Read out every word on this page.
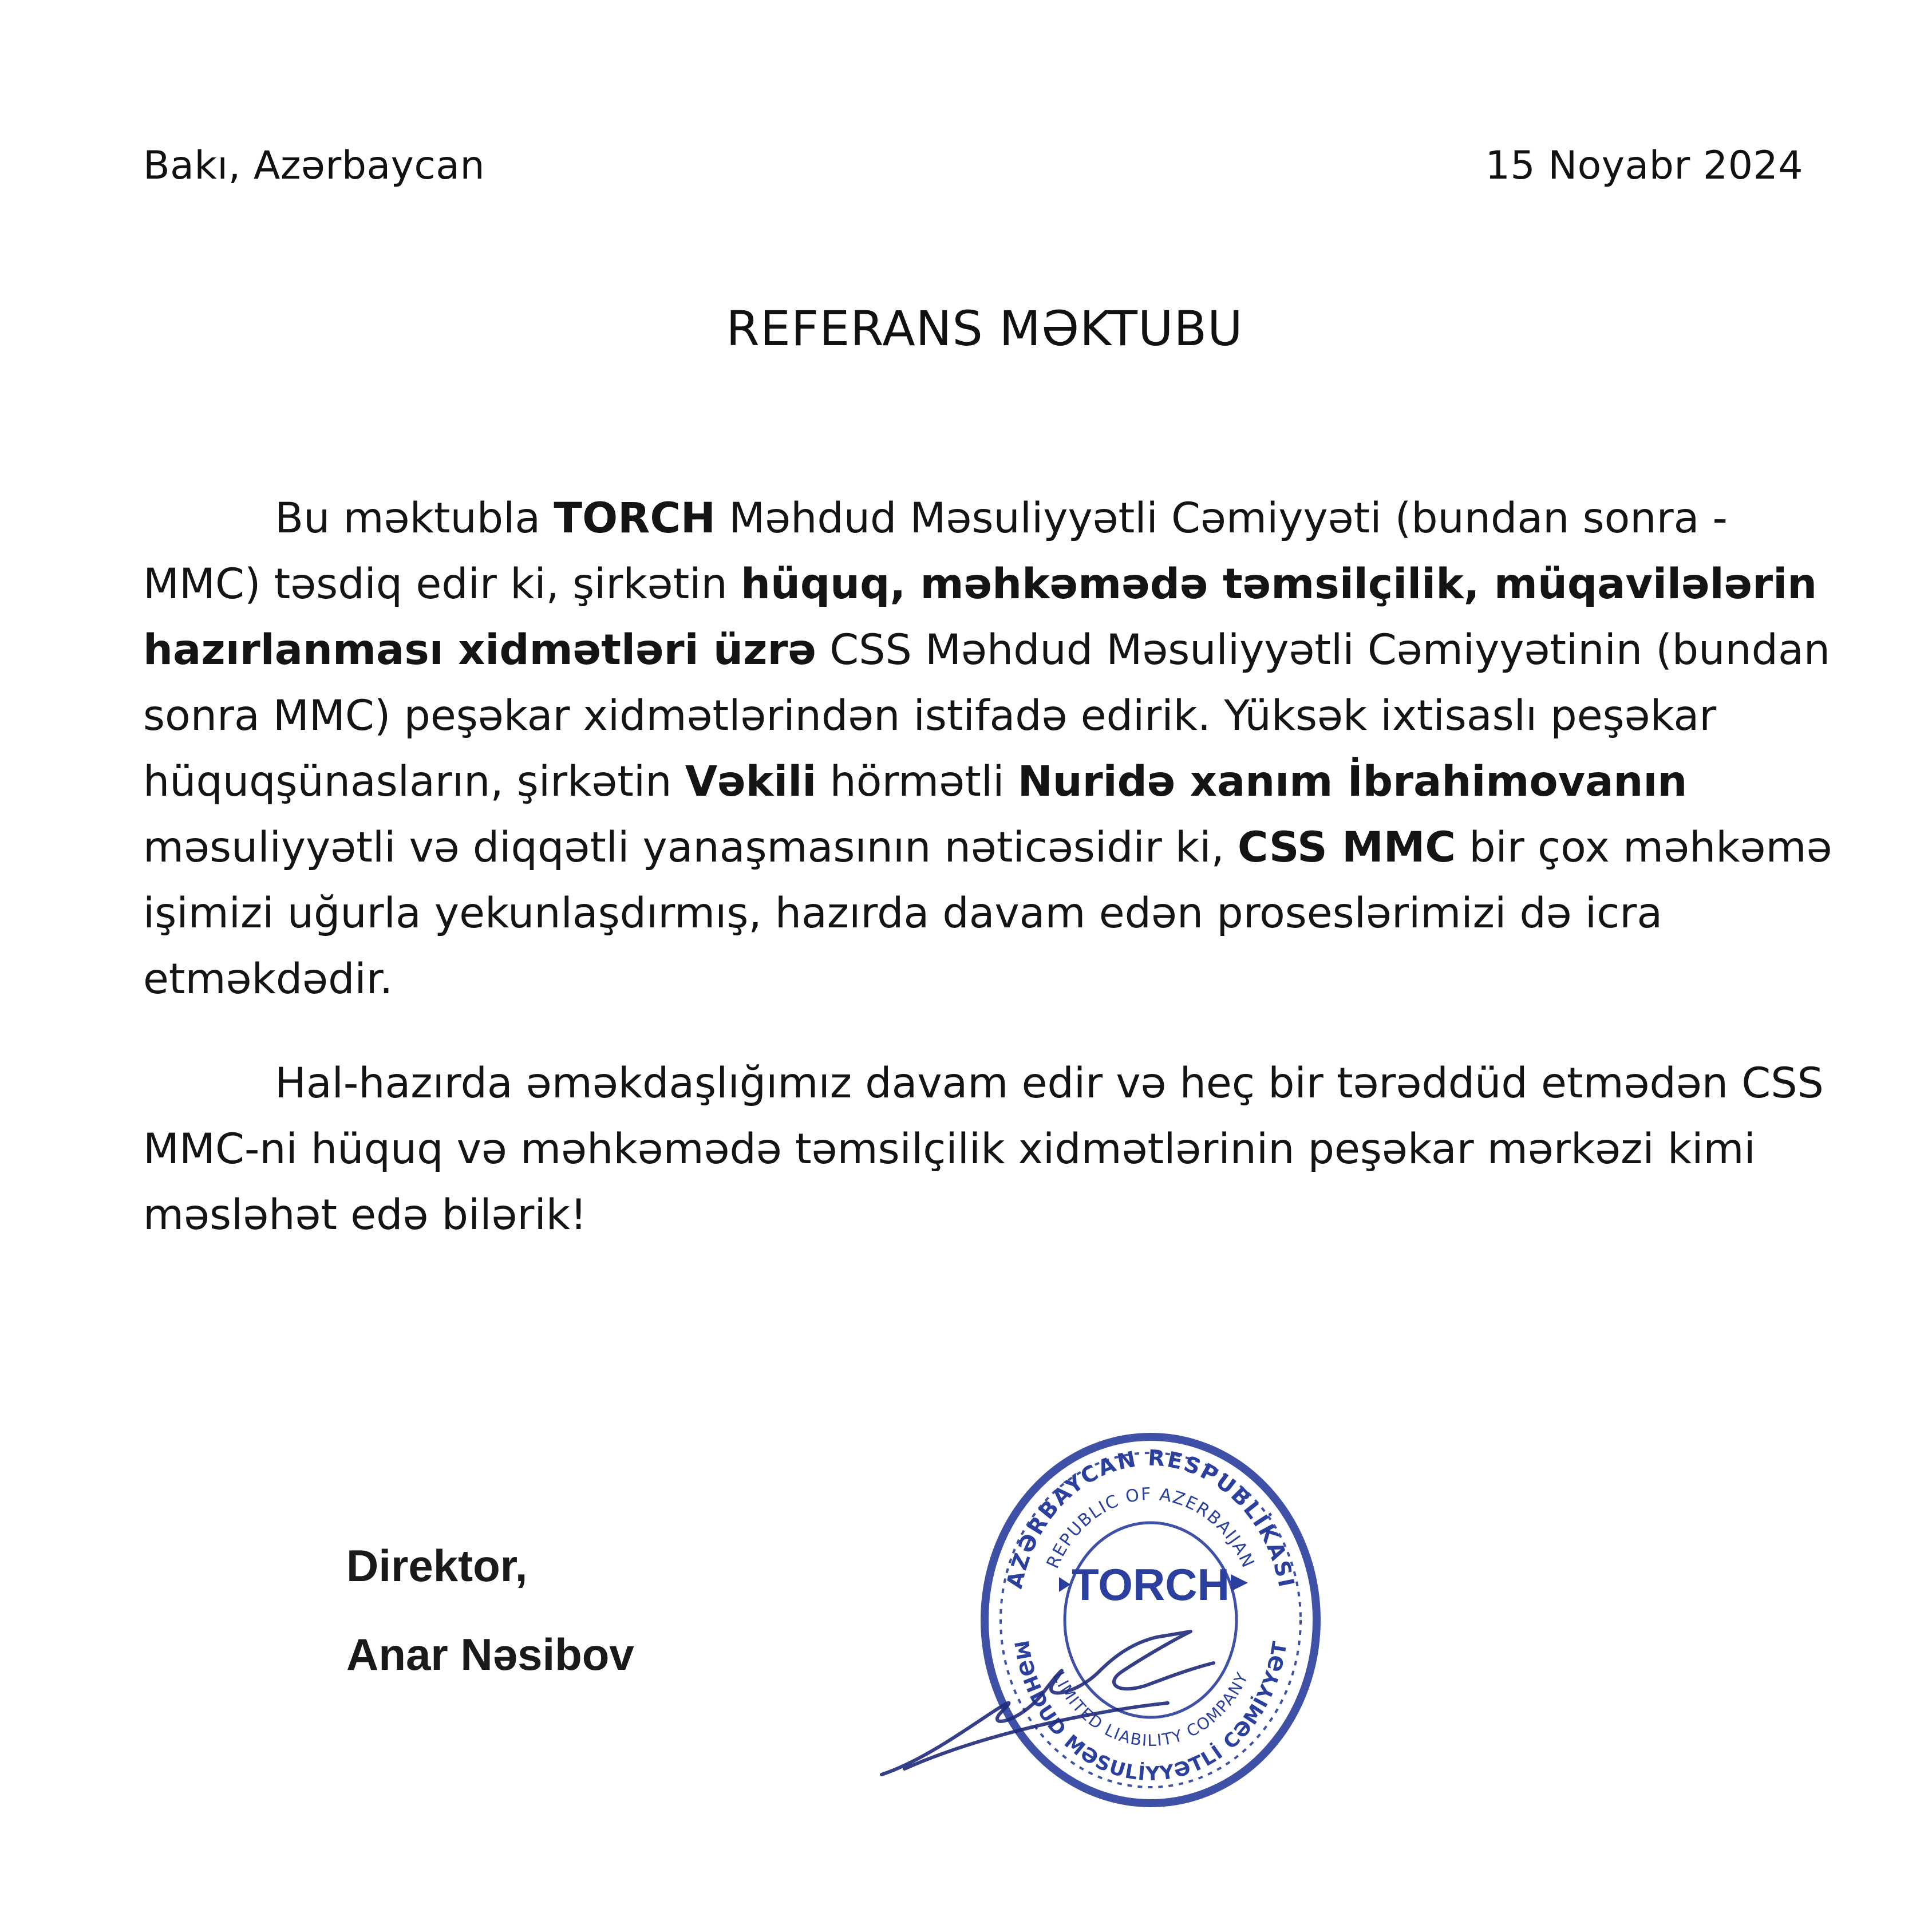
Bakı, Azərbaycan	15 Noyabr 2024
REFERANS MƏKTUBU

Bu məktubla TORCH Məhdud Məsuliyyətli Cəmiyyəti (bundan sonra - MMC) təsdiq edir ki, şirkətin hüquq, məhkəmədə təmsilçilik, müqavilələrin hazırlanması xidmətləri üzrə CSS Məhdud Məsuliyyətli Cəmiyyətinin (bundan sonra MMC) peşəkar xidmətlərindən istifadə edirik. Yüksək ixtisaslı peşəkar hüquqşünasların, şirkətin Vəkili hörmətli Nuridə xanım İbrahimovanın məsuliyyətli və diqqətli yanaşmasının nəticəsidir ki, CSS MMC bir çox məhkəmə işimizi uğurla yekunlaşdırmış, hazırda davam edən proseslərimizi də icra etməkdədir.

Hal-hazırda əməkdaşlığımız davam edir və heç bir tərəddüd etmədən CSS MMC-ni hüquq və məhkəmədə təmsilçilik xidmətlərinin peşəkar mərkəzi kimi məsləhət edə bilərik!

Direktor,
Anar Nəsibov
AZƏRBAYCAN RESPUBLİKASI
REPUBLIC OF AZERBAIJAN
MƏHDUD MƏSULİYYƏTLİ CƏMİYYƏT
LIMITED LIABILITY COMPANY
TORCH
